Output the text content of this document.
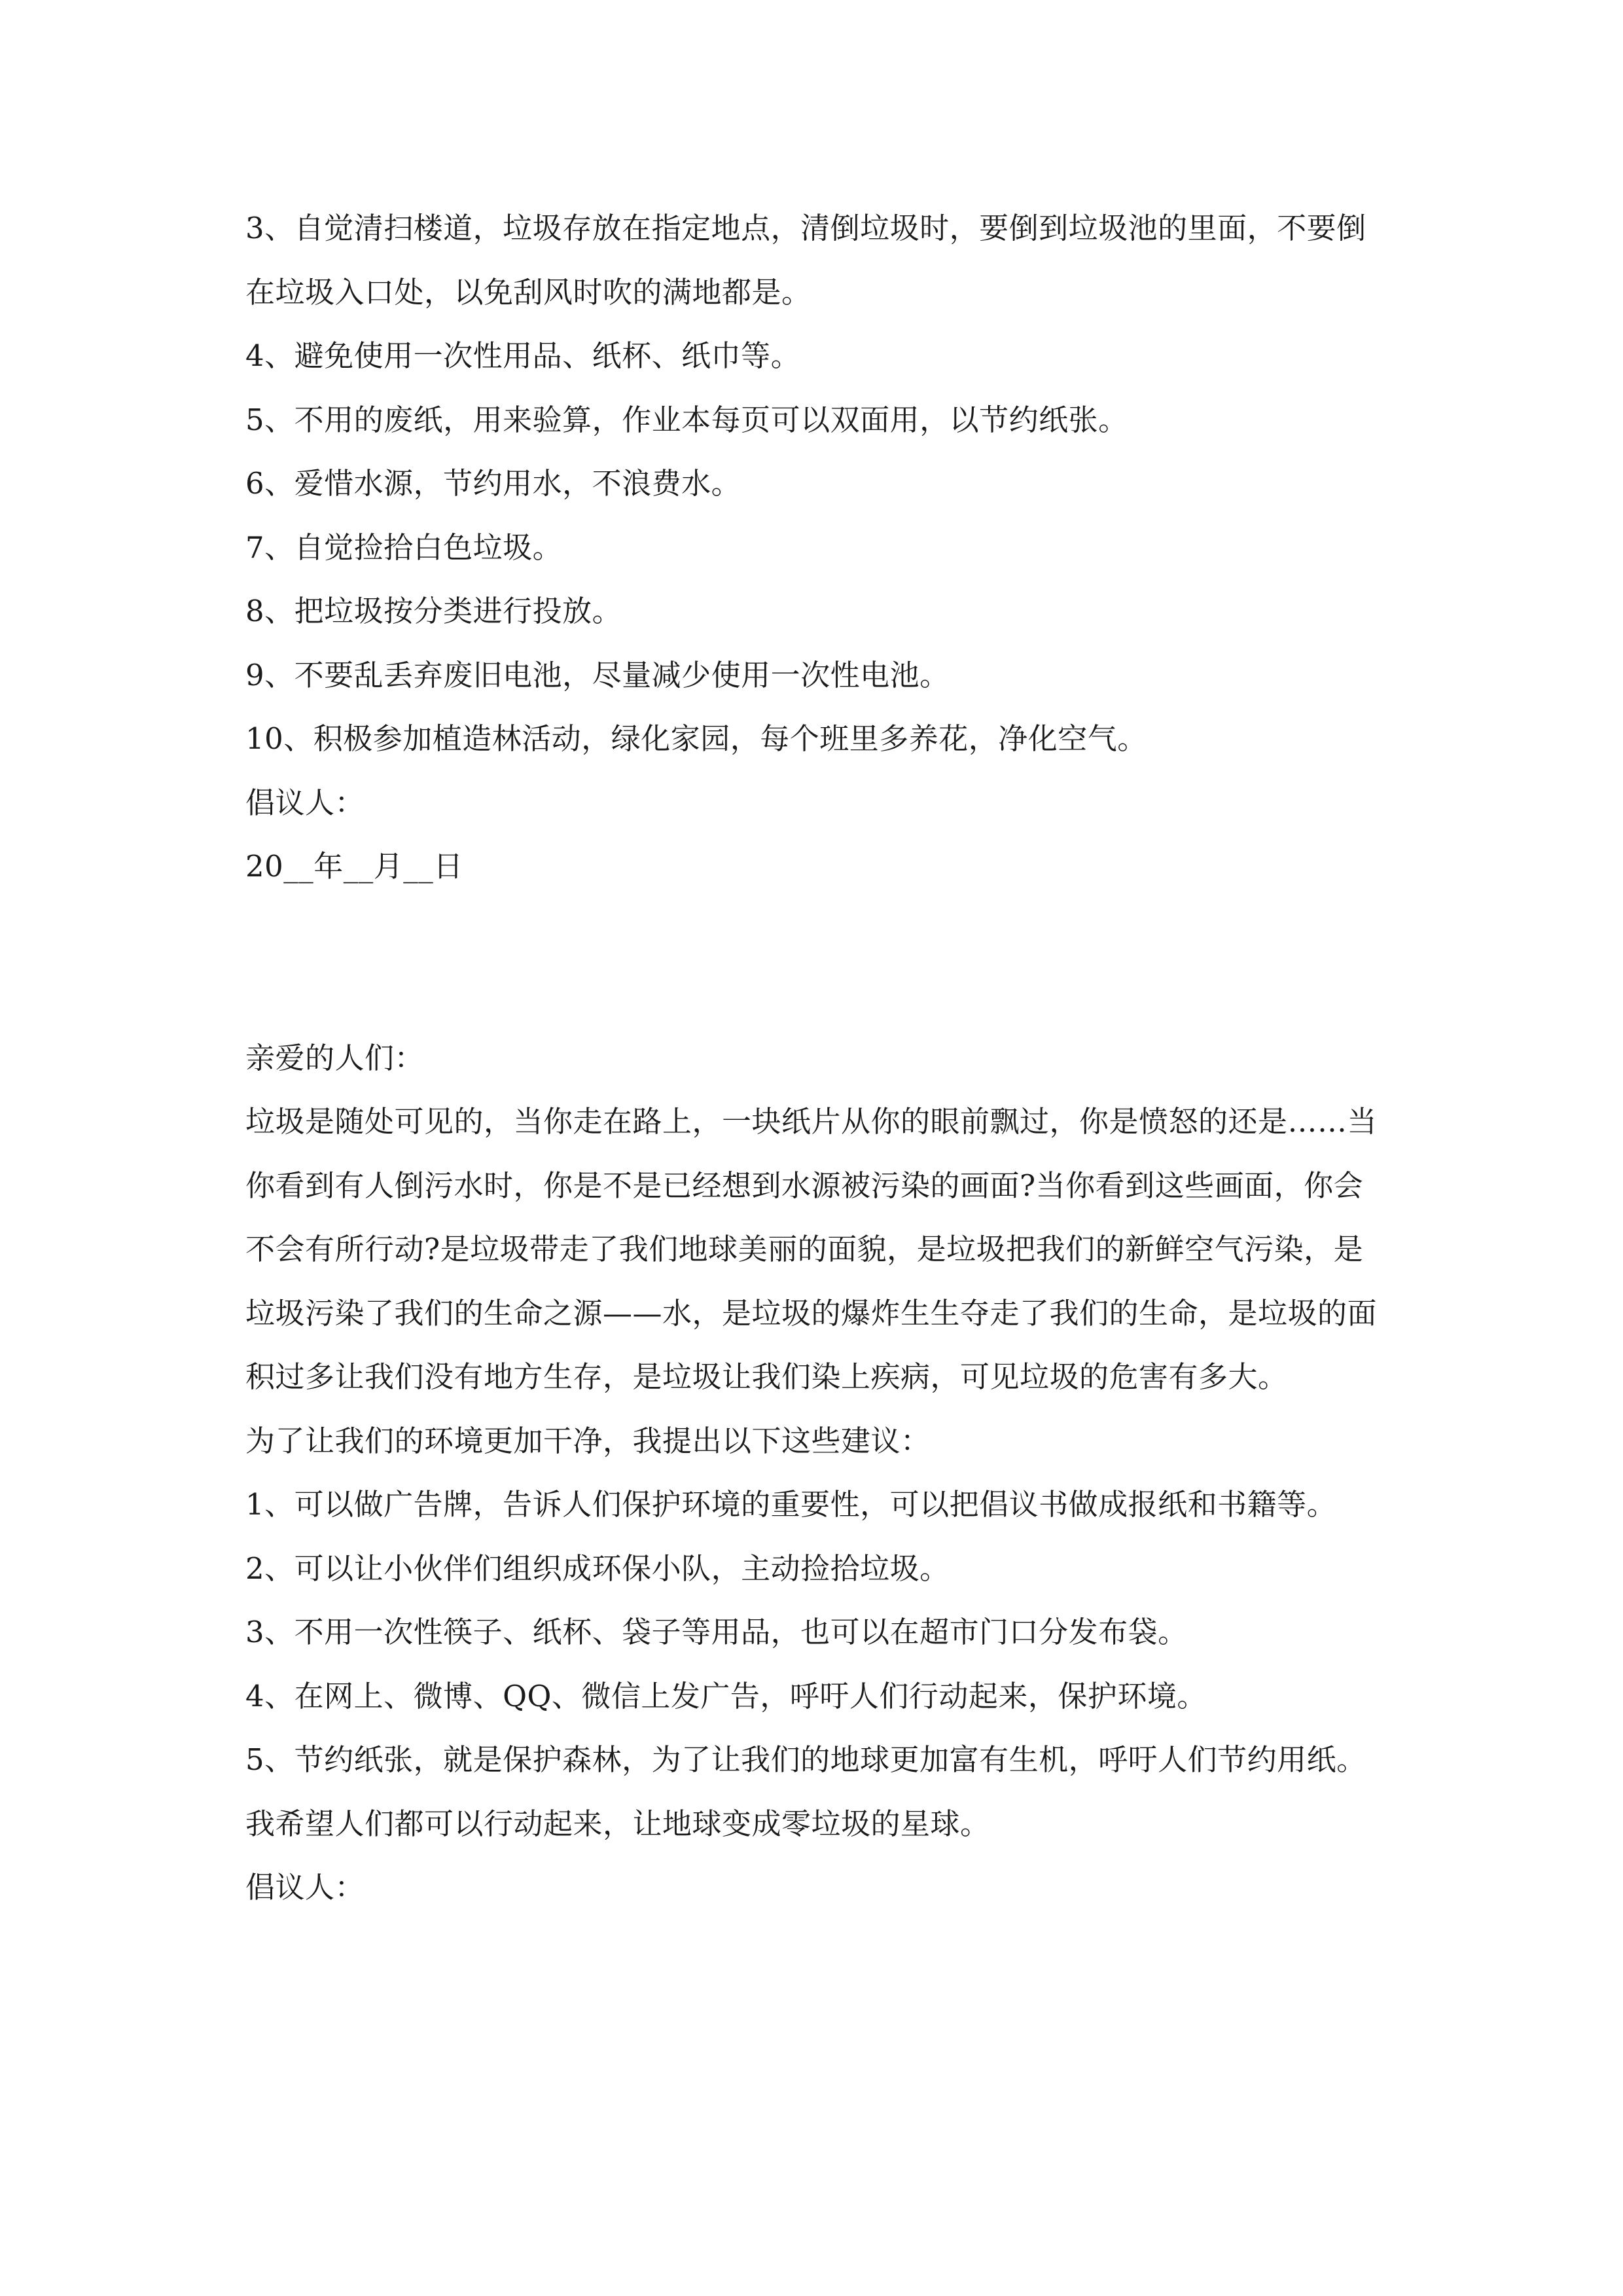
3、自觉清扫楼道，垃圾存放在指定地点，清倒垃圾时，要倒到垃圾池的里面，不要倒在垃圾入口处，以免刮风时吹的满地都是。

4、避免使用一次性用品、纸杯、纸巾等。

5、不用的废纸，用来验算，作业本每页可以双面用，以节约纸张。

6、爱惜水源，节约用水，不浪费水。

7、自觉捡拾白色垃圾。

8、把垃圾按分类进行投放。

9、不要乱丢弃废旧电池，尽量减少使用一次性电池。

10、积极参加植造林活动，绿化家园，每个班里多养花，净化空气。

倡议人：

20__年__月__日

亲爱的人们：

垃圾是随处可见的，当你走在路上，一块纸片从你的眼前飘过，你是愤怒的还是……当你看到有人倒污水时，你是不是已经想到水源被污染的画面?当你看到这些画面，你会不会有所行动?是垃圾带走了我们地球美丽的面貌，是垃圾把我们的新鲜空气污染，是垃圾污染了我们的生命之源——水，是垃圾的爆炸生生夺走了我们的生命，是垃圾的面积过多让我们没有地方生存，是垃圾让我们染上疾病，可见垃圾的危害有多大。

为了让我们的环境更加干净，我提出以下这些建议：

1、可以做广告牌，告诉人们保护环境的重要性，可以把倡议书做成报纸和书籍等。

2、可以让小伙伴们组织成环保小队，主动捡拾垃圾。

3、不用一次性筷子、纸杯、袋子等用品，也可以在超市门口分发布袋。

4、在网上、微博、QQ、微信上发广告，呼吁人们行动起来，保护环境。

5、节约纸张，就是保护森林，为了让我们的地球更加富有生机，呼吁人们节约用纸。

我希望人们都可以行动起来，让地球变成零垃圾的星球。

倡议人：
